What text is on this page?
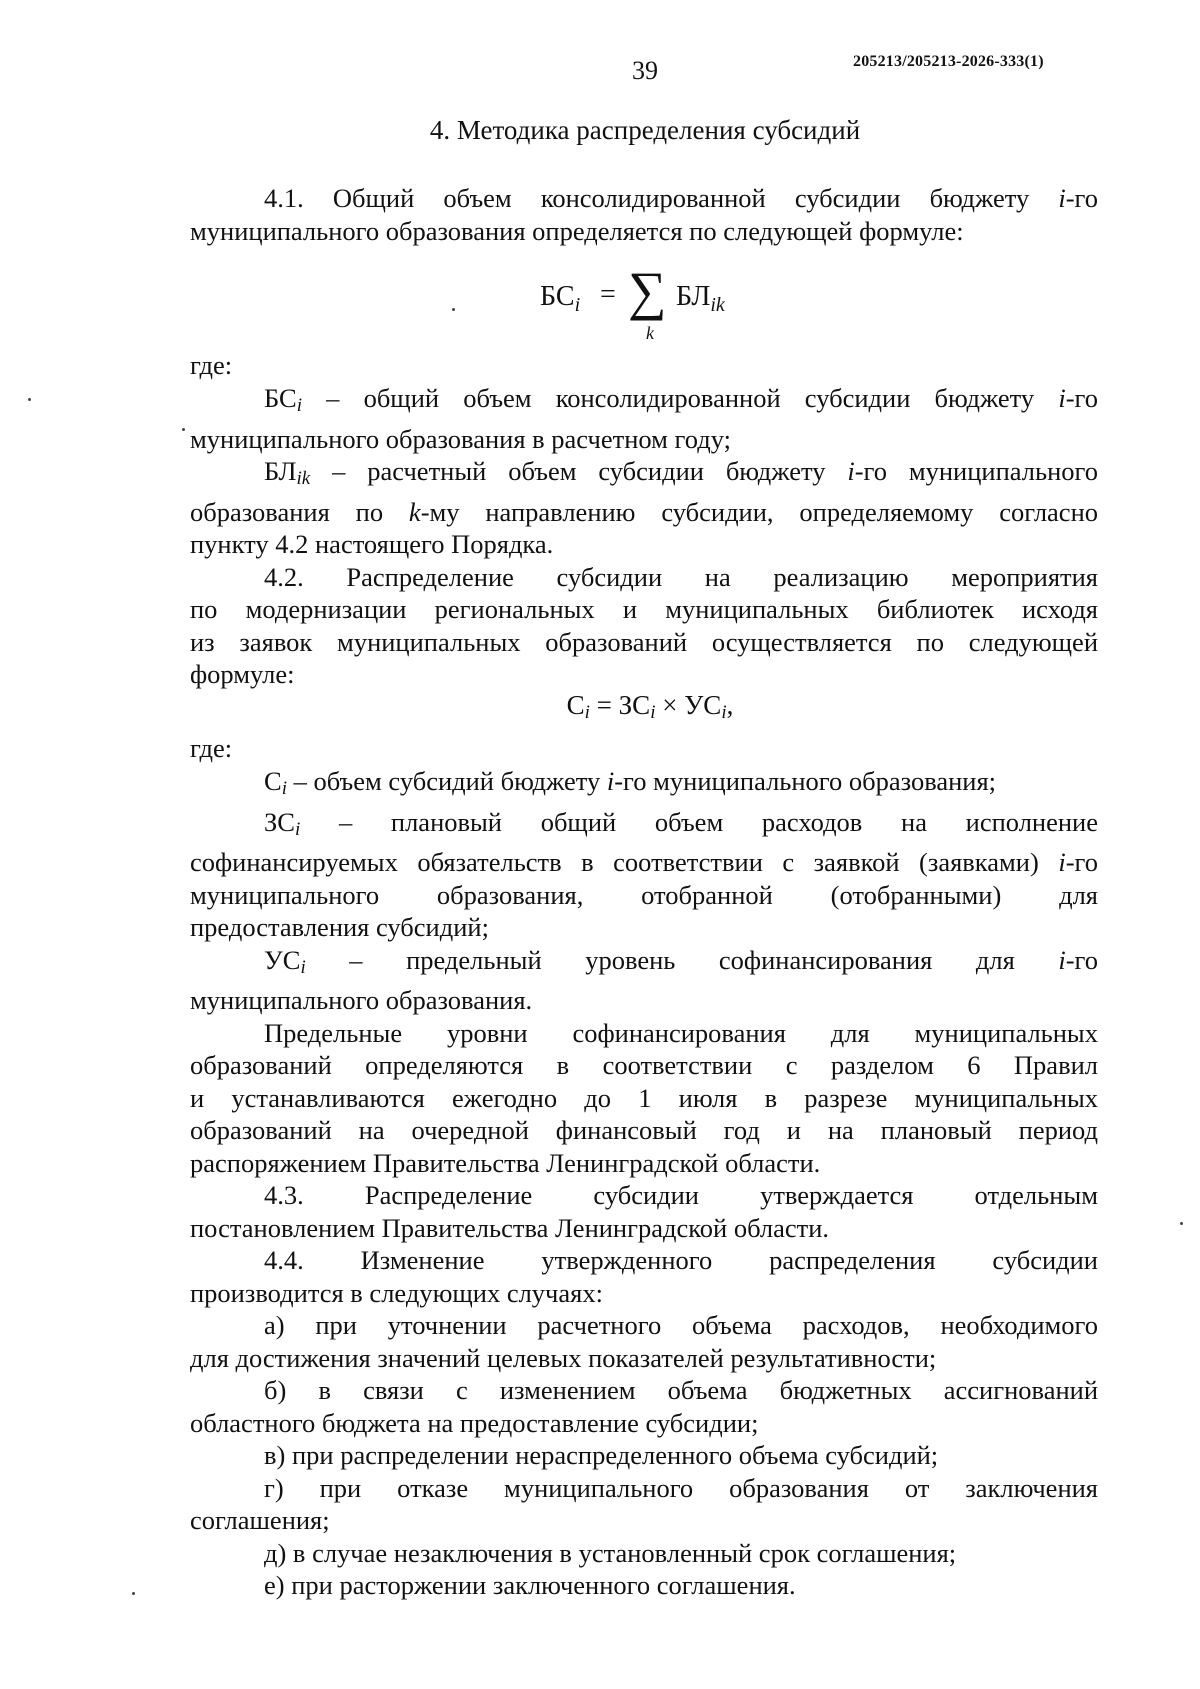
39	205213/205213-2026-333(1)
4. Методика распределения субсидий

4.1. Общий объем консолидированной субсидии бюджету i-го

муниципального образования определяется по следующей формуле:

$БС_i$ = ∑
k
$БЛ_{ik}$
где:

БСi – общий объем консолидированной субсидии бюджету i-го

муниципального образования в расчетном году;

БЛik – расчетный объем субсидии бюджету i-го муниципального

образования по k-му направлению субсидии, определяемому согласно

пункту 4.2 настоящего Порядка.

4.2. Распределение субсидии на реализацию мероприятия

по модернизации региональных и муниципальных библиотек исходя

из заявок муниципальных образований осуществляется по следующей

формуле:

Сi = ЗСi × УСi,
где:

Сi – объем субсидий бюджету i-го муниципального образования;

ЗСi – плановый общий объем расходов на исполнение

софинансируемых обязательств в соответствии с заявкой (заявками) i-го

муниципального образования, отобранной (отобранными) для

предоставления субсидий;

УСi – предельный уровень софинансирования для i-го

муниципального образования.

Предельные уровни софинансирования для муниципальных

образований определяются в соответствии с разделом 6 Правил

и устанавливаются ежегодно до 1 июля в разрезе муниципальных

образований на очередной финансовый год и на плановый период

распоряжением Правительства Ленинградской области.

4.3. Распределение субсидии утверждается отдельным

постановлением Правительства Ленинградской области.

4.4. Изменение утвержденного распределения субсидии

производится в следующих случаях:

а) при уточнении расчетного объема расходов, необходимого

для достижения значений целевых показателей результативности;

б) в связи с изменением объема бюджетных ассигнований

областного бюджета на предоставление субсидии;

в) при распределении нераспределенного объема субсидий;

г) при отказе муниципального образования от заключения

соглашения;

д) в случае незаключения в установленный срок соглашения;

е) при расторжении заключенного соглашения.
